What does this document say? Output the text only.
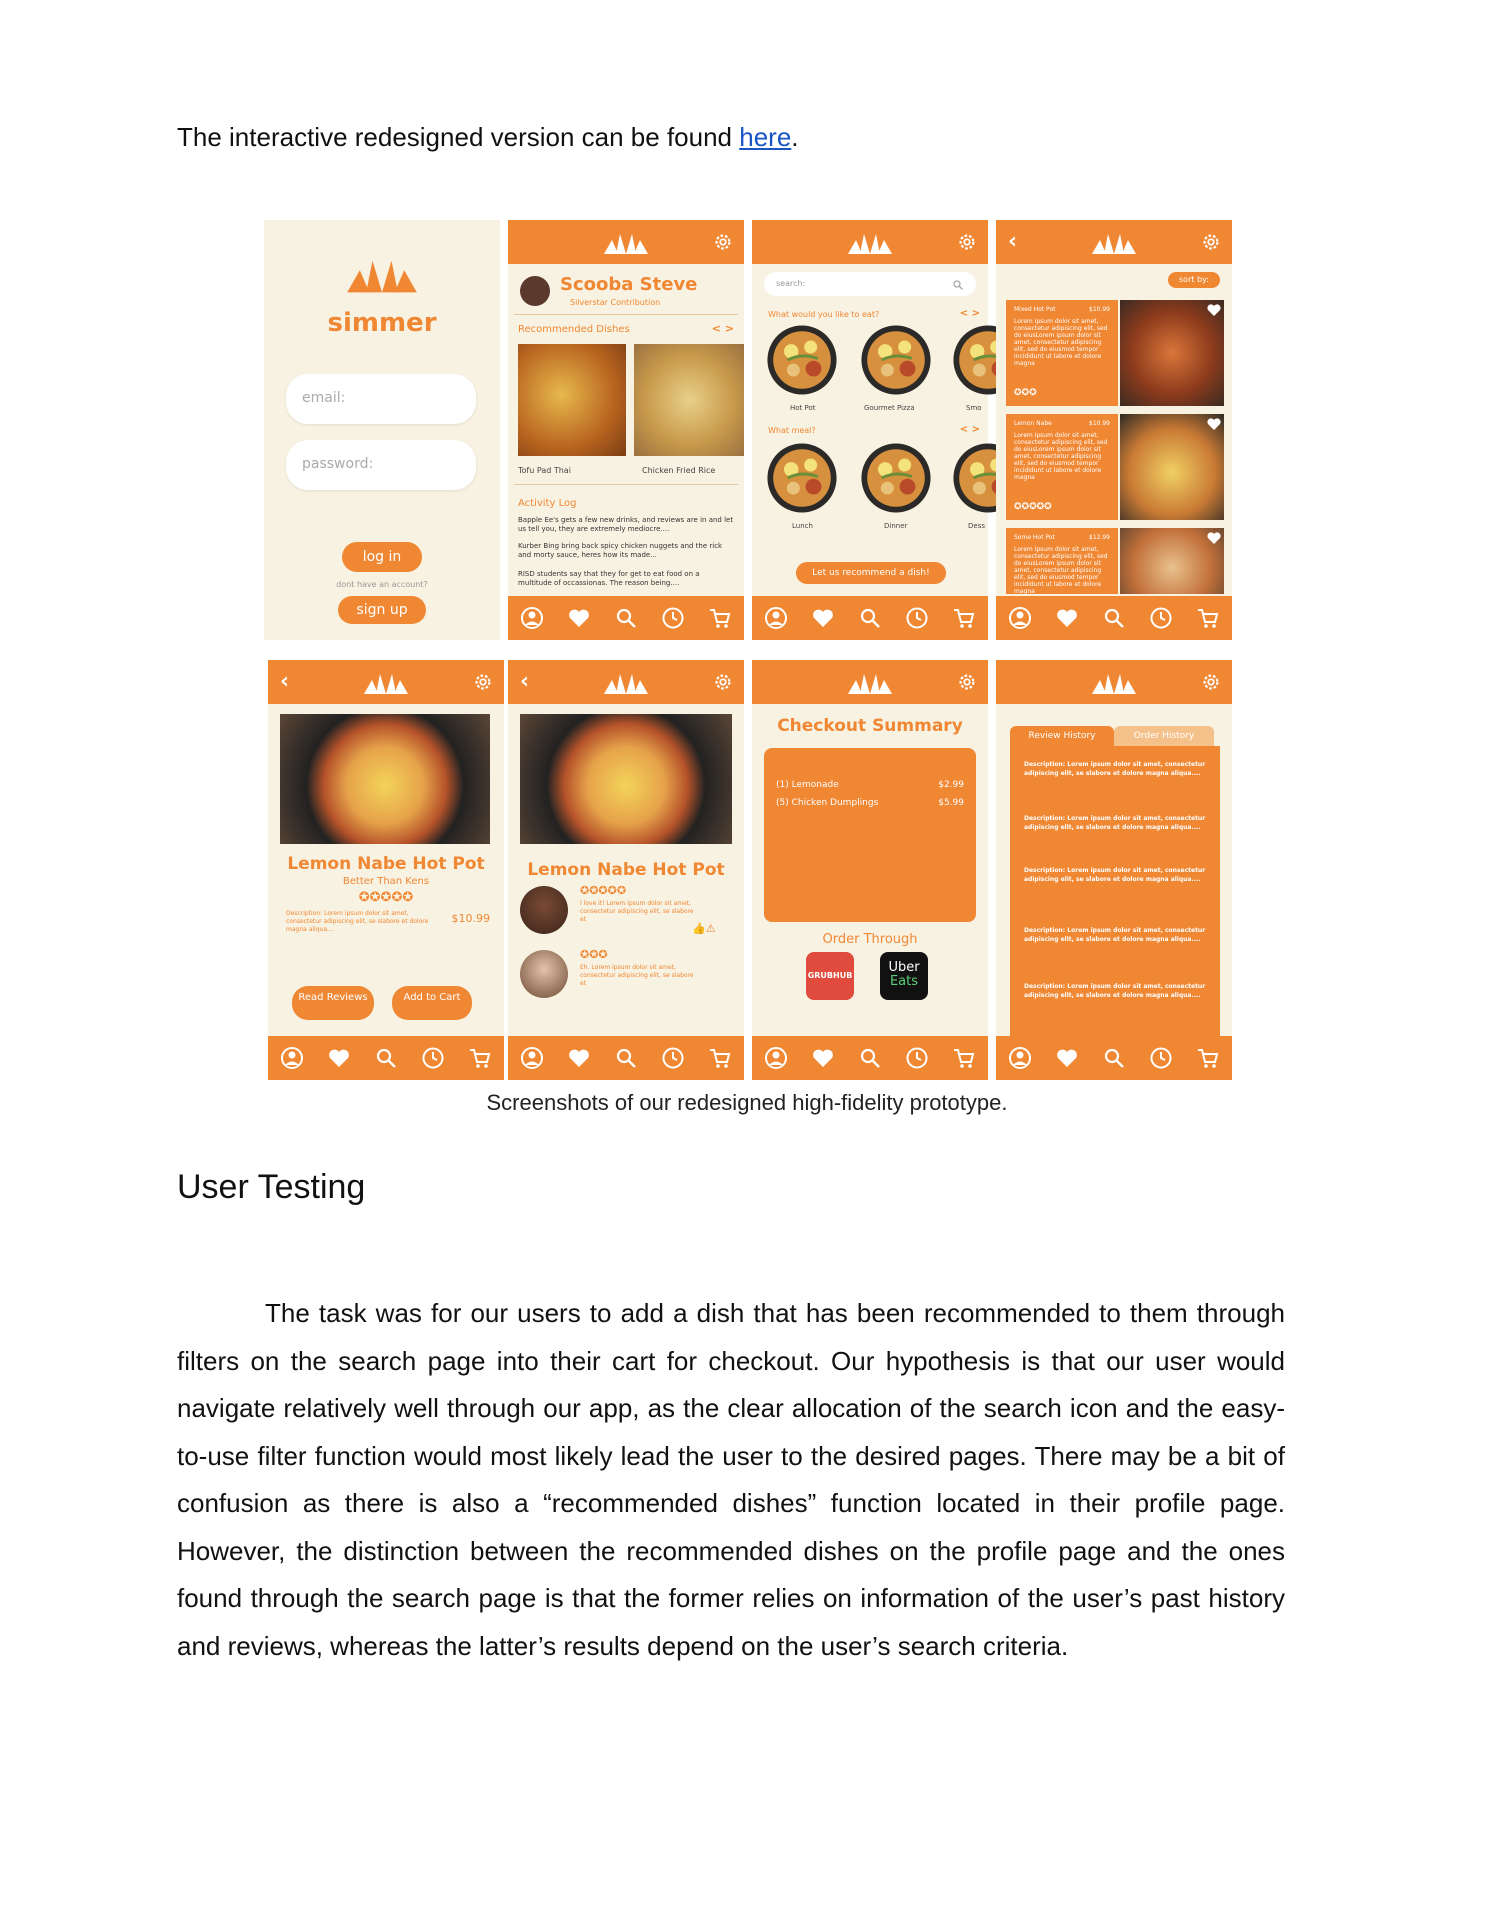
The interactive redesigned version can be found here.

simmer
email:
password:
log in
dont have an account?
sign up
Scooba Steve
Silverstar Contribution
Recommended Dishes	< >
Tofu Pad Thai	Chicken Fried Rice
Activity Log
Bapple Ee's gets a few new drinks, and reviews are in and let us tell you, they are extremely mediocre....
Kurber Bing bring back spicy chicken nuggets and the rick and morty sauce, heres how its made...
RISD students say that they for get to eat food on a multitude of occassionas. The reason being....
search:
What would you like to eat?	< >
Hot Pot	Gourmet Pizza	Smo
What meal?	< >
Lunch	Dinner	Dess
Let us recommend a dish!
‹
sort by:
Mixed Hot Pot	$10.99
Lorem ipsum dolor sit amet, consectetur adipiscing elit, sed do eiusLorem ipsum dolor sit amet, consectetur adipiscing elit, sed do eiusmod tempor incididunt ut labore et dolore magna
✪✪✪
Lemon Nabe	$10.99
Lorem ipsum dolor sit amet, consectetur adipiscing elit, sed do eiusLorem ipsum dolor sit amet, consectetur adipiscing elit, sed do eiusmod tempor incididunt ut labore et dolore magna
✪✪✪✪✪
Some Hot Pot	$12.99
Lorem ipsum dolor sit amet, consectetur adipiscing elit, sed do eiusLorem ipsum dolor sit amet, consectetur adipiscing elit, sed do eiusmod tempor incididunt ut labore et dolore magna
‹
Lemon Nabe Hot Pot
Better Than Kens
✪✪✪✪✪
Description: Lorem ipsum dolor sit amet, consectetur adipiscing elit, se slabore et dolore magna aliqua....
$10.99
Read Reviews	Add to Cart
‹
Lemon Nabe Hot Pot
✪✪✪✪✪
I love it! Lorem ipsum dolor sit amet, consectetur adipiscing elit, se slabore et
👍⚠
✪✪✪
Eh. Lorem ipsum dolor sit amet, consectetur adipiscing elit, se slabore et
Checkout Summary
(1) Lemonade	$2.99
(5) Chicken Dumplings	$5.99
Order Through
GRUBHUB
Uber
Eats
Review History	Order History
Description: Lorem ipsum dolor sit amet, consectetur adipiscing elit, se slabore et dolore magna aliqua....
Description: Lorem ipsum dolor sit amet, consectetur adipiscing elit, se slabore et dolore magna aliqua....
Description: Lorem ipsum dolor sit amet, consectetur adipiscing elit, se slabore et dolore magna aliqua....
Description: Lorem ipsum dolor sit amet, consectetur adipiscing elit, se slabore et dolore magna aliqua....
Description: Lorem ipsum dolor sit amet, consectetur adipiscing elit, se slabore et dolore magna aliqua....
Screenshots of our redesigned high-fidelity prototype.
User Testing

The task was for our users to add a dish that has been recommended to them through filters on the search page into their cart for checkout. Our hypothesis is that our user would navigate relatively well through our app, as the clear allocation of the search icon and the easy-to-use filter function would most likely lead the user to the desired pages. There may be a bit of confusion as there is also a “recommended dishes” function located in their profile page. However, the distinction between the recommended dishes on the profile page and the ones found through the search page is that the former relies on information of the user’s past history and reviews, whereas the latter’s results depend on the user’s search criteria.
